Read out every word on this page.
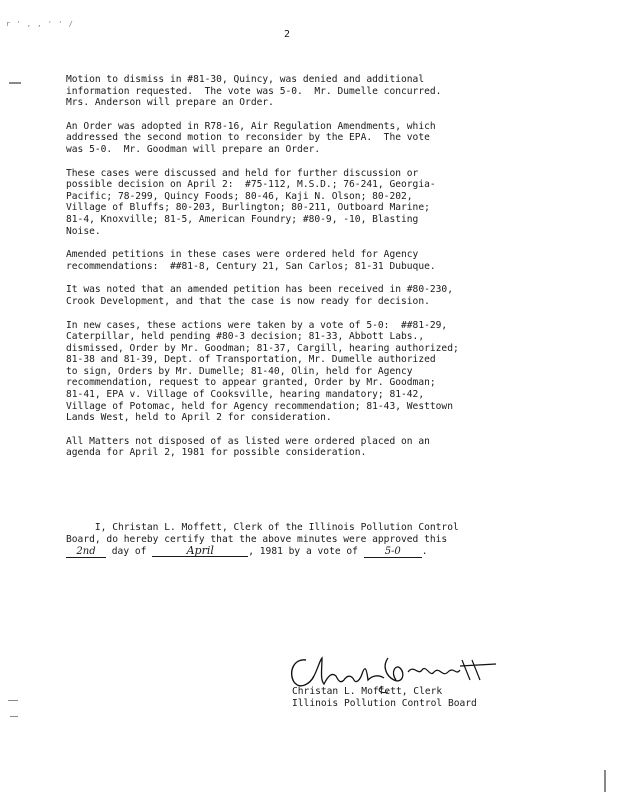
r ' , , ' ' /
2

Motion to dismiss in #81-30, Quincy, was denied and additional
information requested.  The vote was 5-0.  Mr. Dumelle concurred.
Mrs. Anderson will prepare an Order.

An Order was adopted in R78-16, Air Regulation Amendments, which
addressed the second motion to reconsider by the EPA.  The vote
was 5-0.  Mr. Goodman will prepare an Order.

These cases were discussed and held for further discussion or
possible decision on April 2:  #75-112, M.S.D.; 76-241, Georgia-
Pacific; 78-299, Quincy Foods; 80-46, Kaji N. Olson; 80-202,
Village of Bluffs; 80-203, Burlington; 80-211, Outboard Marine;
81-4, Knoxville; 81-5, American Foundry; #80-9, -10, Blasting
Noise.

Amended petitions in these cases were ordered held for Agency
recommendations:  ##81-8, Century 21, San Carlos; 81-31 Dubuque.

It was noted that an amended petition has been received in #80-230,
Crook Development, and that the case is now ready for decision.

In new cases, these actions were taken by a vote of 5-0:  ##81-29,
Caterpillar, held pending #80-3 decision; 81-33, Abbott Labs.,
dismissed, Order by Mr. Goodman; 81-37, Cargill, hearing authorized;
81-38 and 81-39, Dept. of Transportation, Mr. Dumelle authorized
to sign, Orders by Mr. Dumelle; 81-40, Olin, held for Agency
recommendation, request to appear granted, Order by Mr. Goodman;
81-41, EPA v. Village of Cooksville, hearing mandatory; 81-42,
Village of Potomac, held for Agency recommendation; 81-43, Westtown
Lands West, held to April 2 for consideration.

All Matters not disposed of as listed were ordered placed on an
agenda for April 2, 1981 for possible consideration.

I, Christan L. Moffett, Clerk of the Illinois Pollution Control
Board, do hereby certify that the above minutes were approved this
2nd day of	April	, 1981 by a vote of 5-0 .
Christan L. Moffett, Clerk
Illinois Pollution Control Board
